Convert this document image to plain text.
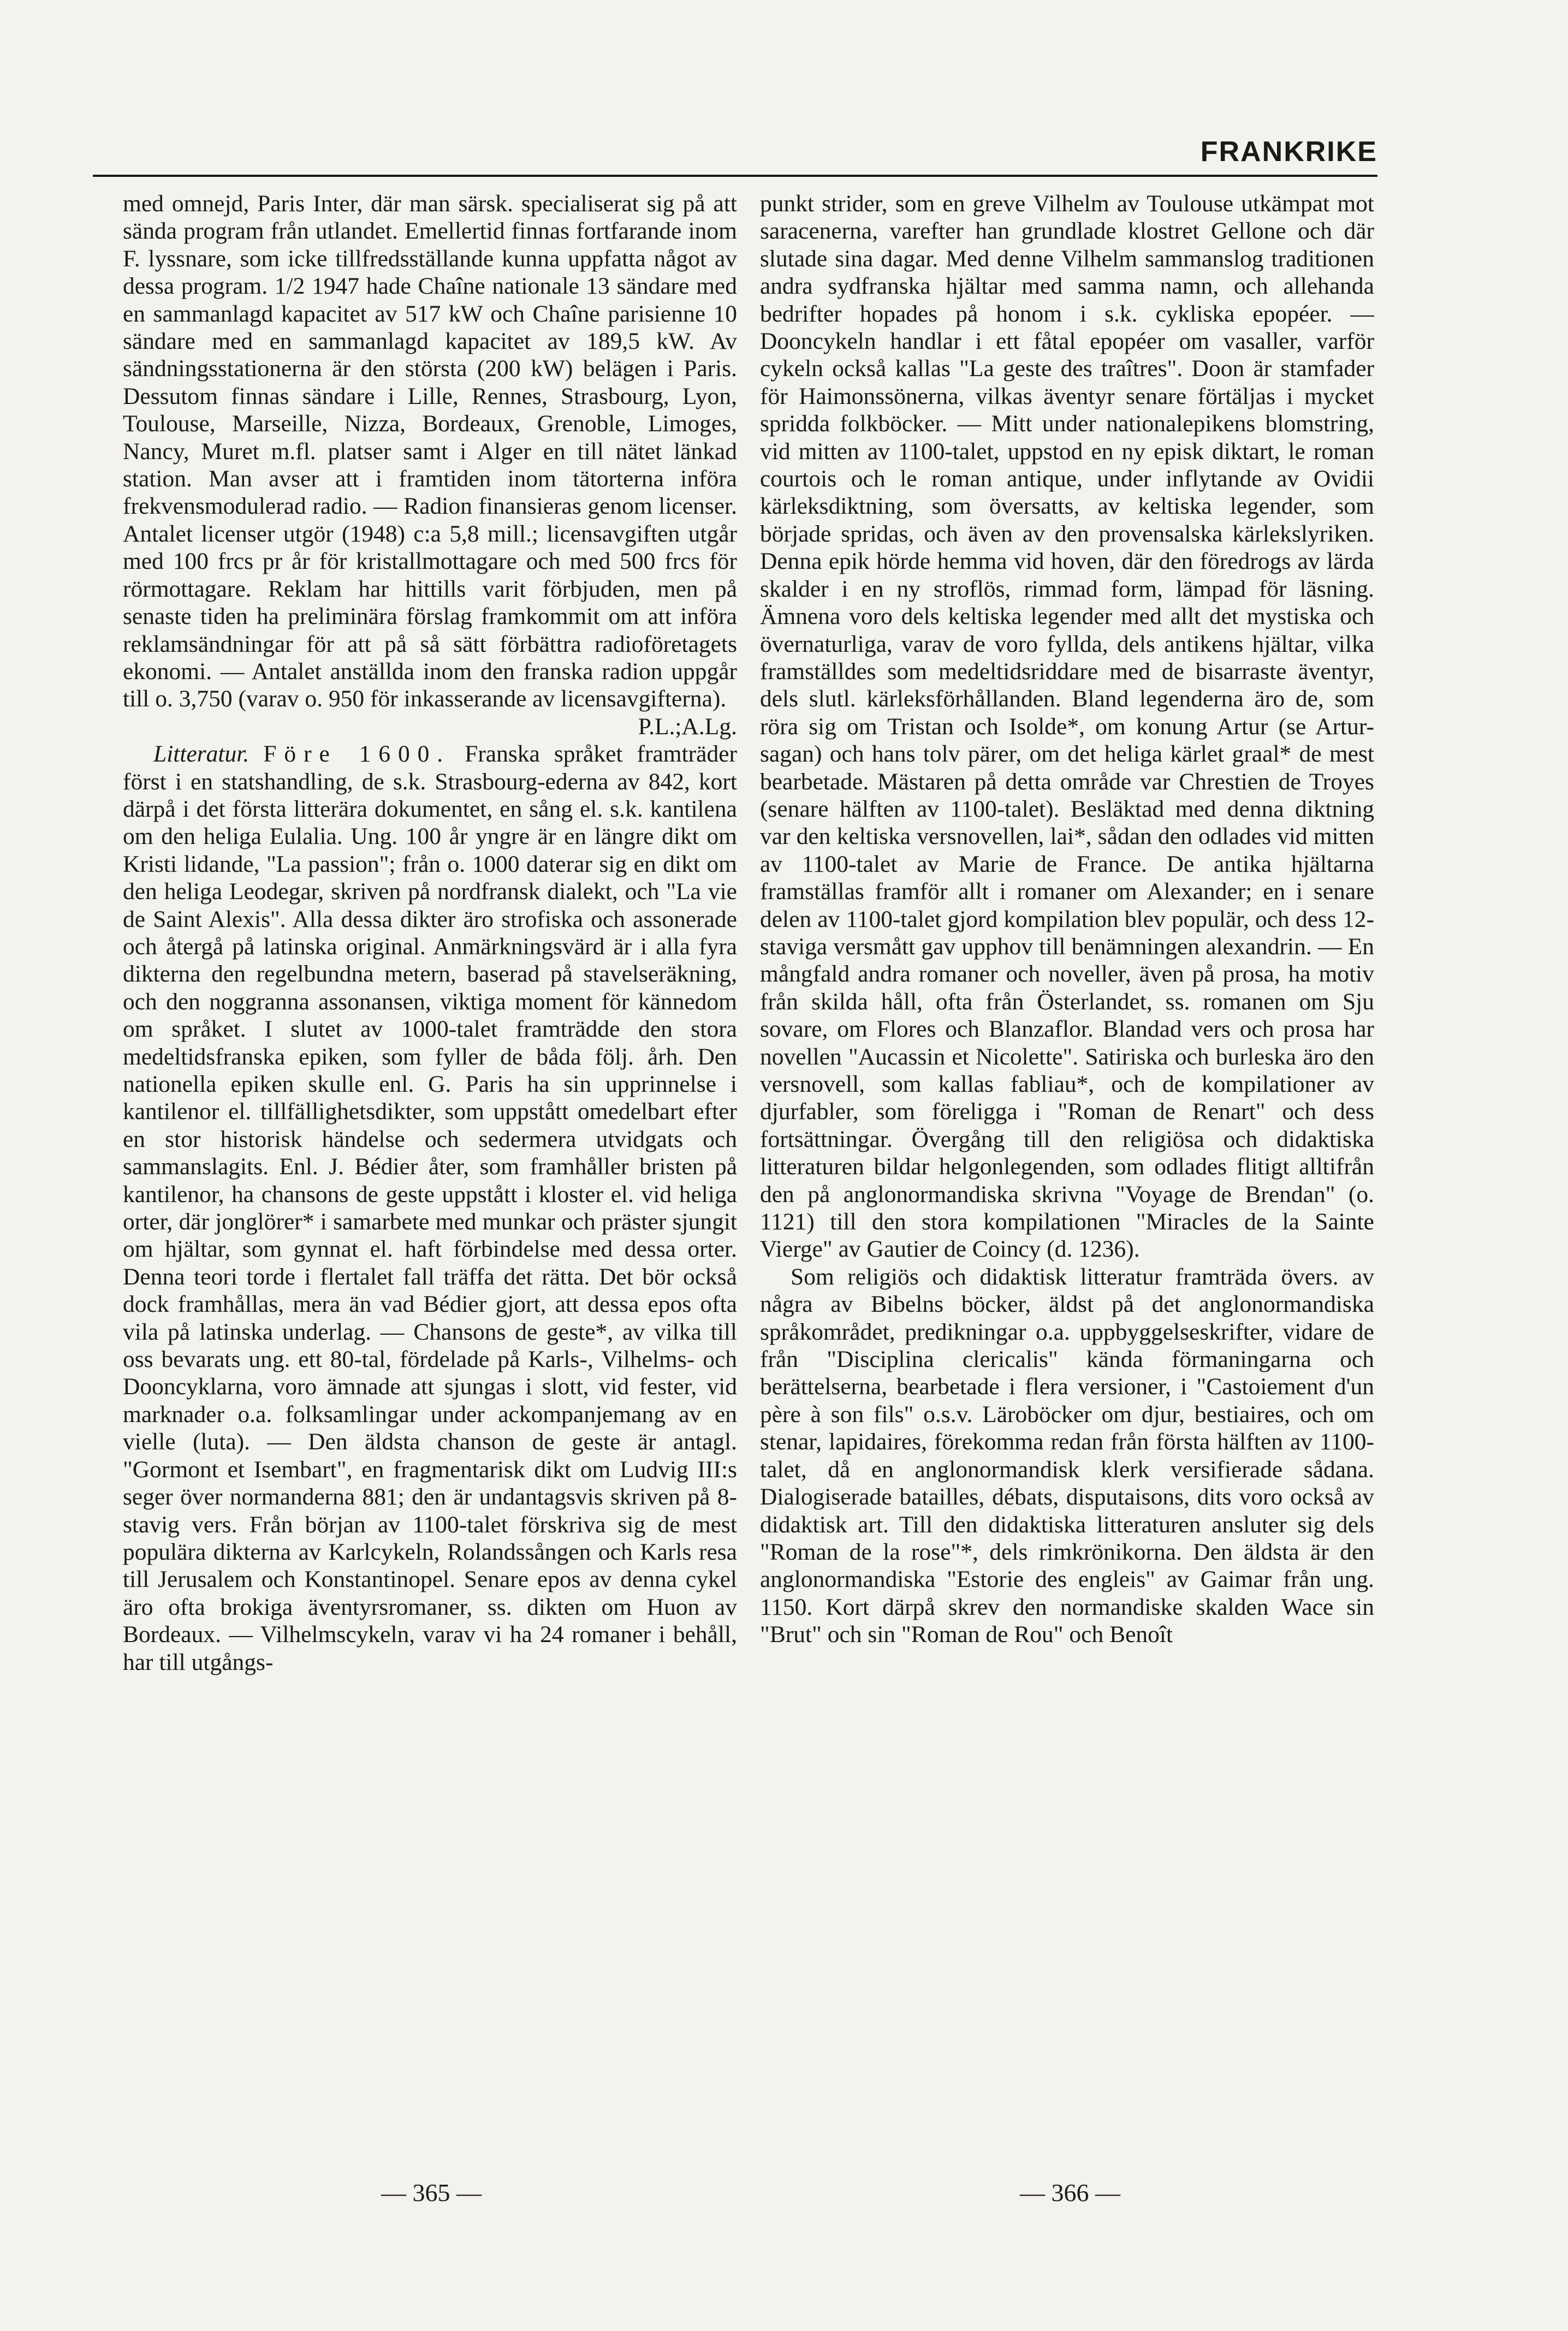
FRANKRIKE

med omnejd, Paris Inter, där man särsk. specialiserat sig på att sända program från utlandet. Emellertid finnas fortfarande inom F. lyssnare, som icke tillfredsställande kunna uppfatta något av dessa program. 1/2 1947 hade Chaîne nationale 13 sändare med en sammanlagd kapacitet av 517 kW och Chaîne parisienne 10 sändare med en sammanlagd kapacitet av 189,5 kW. Av sändningsstationerna är den största (200 kW) belägen i Paris. Dessutom finnas sändare i Lille, Rennes, Strasbourg, Lyon, Toulouse, Marseille, Nizza, Bordeaux, Grenoble, Limoges, Nancy, Muret m.fl. platser samt i Alger en till nätet länkad station. Man avser att i framtiden inom tätorterna införa frekvensmodulerad radio. — Radion finansieras genom licenser. Antalet licenser utgör (1948) c:a 5,8 mill.; licensavgiften utgår med 100 frcs pr år för kristallmottagare och med 500 frcs för rörmottagare. Reklam har hittills varit förbjuden, men på senaste tiden ha preliminära förslag framkommit om att införa reklamsändningar för att på så sätt förbättra radioföretagets ekonomi. — Antalet anställda inom den franska radion uppgår till o. 3,750 (varav o. 950 för inkasserande av licensavgifterna).

P.L.;A.Lg.

Litteratur. Före 1600. Franska språket framträder först i en statshandling, de s.k. Strasbourg-ederna av 842, kort därpå i det första litterära dokumentet, en sång el. s.k. kantilena om den heliga Eulalia. Ung. 100 år yngre är en längre dikt om Kristi lidande, "La passion"; från o. 1000 daterar sig en dikt om den heliga Leodegar, skriven på nordfransk dialekt, och "La vie de Saint Alexis". Alla dessa dikter äro strofiska och assonerade och återgå på latinska original. Anmärkningsvärd är i alla fyra dikterna den regelbundna metern, baserad på stavelseräkning, och den noggranna assonansen, viktiga moment för kännedom om språket. I slutet av 1000-talet framträdde den stora medeltidsfranska epiken, som fyller de båda följ. årh. Den nationella epiken skulle enl. G. Paris ha sin upprinnelse i kantilenor el. tillfällighetsdikter, som uppstått omedelbart efter en stor historisk händelse och sedermera utvidgats och sammanslagits. Enl. J. Bédier åter, som framhåller bristen på kantilenor, ha chansons de geste uppstått i kloster el. vid heliga orter, där jonglörer* i samarbete med munkar och präster sjungit om hjältar, som gynnat el. haft förbindelse med dessa orter. Denna teori torde i flertalet fall träffa det rätta. Det bör också dock framhållas, mera än vad Bédier gjort, att dessa epos ofta vila på latinska underlag. — Chansons de geste*, av vilka till oss bevarats ung. ett 80-tal, fördelade på Karls-, Vilhelms- och Dooncyklarna, voro ämnade att sjungas i slott, vid fester, vid marknader o.a. folksamlingar under ackompanjemang av en vielle (luta). — Den äldsta chanson de geste är antagl. "Gormont et Isembart", en fragmentarisk dikt om Ludvig III:s seger över normanderna 881; den är undantagsvis skriven på 8-stavig vers. Från början av 1100-talet förskriva sig de mest populära dikterna av Karlcykeln, Rolandssången och Karls resa till Jerusalem och Konstantinopel. Senare epos av denna cykel äro ofta brokiga äventyrsromaner, ss. dikten om Huon av Bordeaux. — Vilhelmscykeln, varav vi ha 24 romaner i behåll, har till utgångs-

punkt strider, som en greve Vilhelm av Toulouse utkämpat mot saracenerna, varefter han grundlade klostret Gellone och där slutade sina dagar. Med denne Vilhelm sammanslog traditionen andra sydfranska hjältar med samma namn, och allehanda bedrifter hopades på honom i s.k. cykliska epopéer. — Dooncykeln handlar i ett fåtal epopéer om vasaller, varför cykeln också kallas "La geste des traîtres". Doon är stamfader för Haimonssönerna, vilkas äventyr senare förtäljas i mycket spridda folkböcker. — Mitt under nationalepikens blomstring, vid mitten av 1100-talet, uppstod en ny episk diktart, le roman courtois och le roman antique, under inflytande av Ovidii kärleksdiktning, som översatts, av keltiska legender, som började spridas, och även av den provensalska kärlekslyriken. Denna epik hörde hemma vid hoven, där den föredrogs av lärda skalder i en ny stroflös, rimmad form, lämpad för läsning. Ämnena voro dels keltiska legender med allt det mystiska och övernaturliga, varav de voro fyllda, dels antikens hjältar, vilka framställdes som medeltidsriddare med de bisarraste äventyr, dels slutl. kärleksförhållanden. Bland legenderna äro de, som röra sig om Tristan och Isolde*, om konung Artur (se Artur-sagan) och hans tolv pärer, om det heliga kärlet graal* de mest bearbetade. Mästaren på detta område var Chrestien de Troyes (senare hälften av 1100-talet). Besläktad med denna diktning var den keltiska versnovellen, lai*, sådan den odlades vid mitten av 1100-talet av Marie de France. De antika hjältarna framställas framför allt i romaner om Alexander; en i senare delen av 1100-talet gjord kompilation blev populär, och dess 12-staviga versmått gav upphov till benämningen alexandrin. — En mångfald andra romaner och noveller, även på prosa, ha motiv från skilda håll, ofta från Österlandet, ss. romanen om Sju sovare, om Flores och Blanzaflor. Blandad vers och prosa har novellen "Aucassin et Nicolette". Satiriska och burleska äro den versnovell, som kallas fabliau*, och de kompilationer av djurfabler, som föreligga i "Roman de Renart" och dess fortsättningar. Övergång till den religiösa och didaktiska litteraturen bildar helgonlegenden, som odlades flitigt alltifrån den på anglonormandiska skrivna "Voyage de Brendan" (o. 1121) till den stora kompilationen "Miracles de la Sainte Vierge" av Gautier de Coincy (d. 1236).

Som religiös och didaktisk litteratur framträda övers. av några av Bibelns böcker, äldst på det anglonormandiska språkområdet, predikningar o.a. uppbyggelseskrifter, vidare de från "Disciplina clericalis" kända förmaningarna och berättelserna, bearbetade i flera versioner, i "Castoiement d'un père à son fils" o.s.v. Läroböcker om djur, bestiaires, och om stenar, lapidaires, förekomma redan från första hälften av 1100-talet, då en anglonormandisk klerk versifierade sådana. Dialogiserade batailles, débats, disputaisons, dits voro också av didaktisk art. Till den didaktiska litteraturen ansluter sig dels "Roman de la rose"*, dels rimkrönikorna. Den äldsta är den anglonormandiska "Estorie des engleis" av Gaimar från ung. 1150. Kort därpå skrev den normandiske skalden Wace sin "Brut" och sin "Roman de Rou" och Benoît

— 365 —	— 366 —
